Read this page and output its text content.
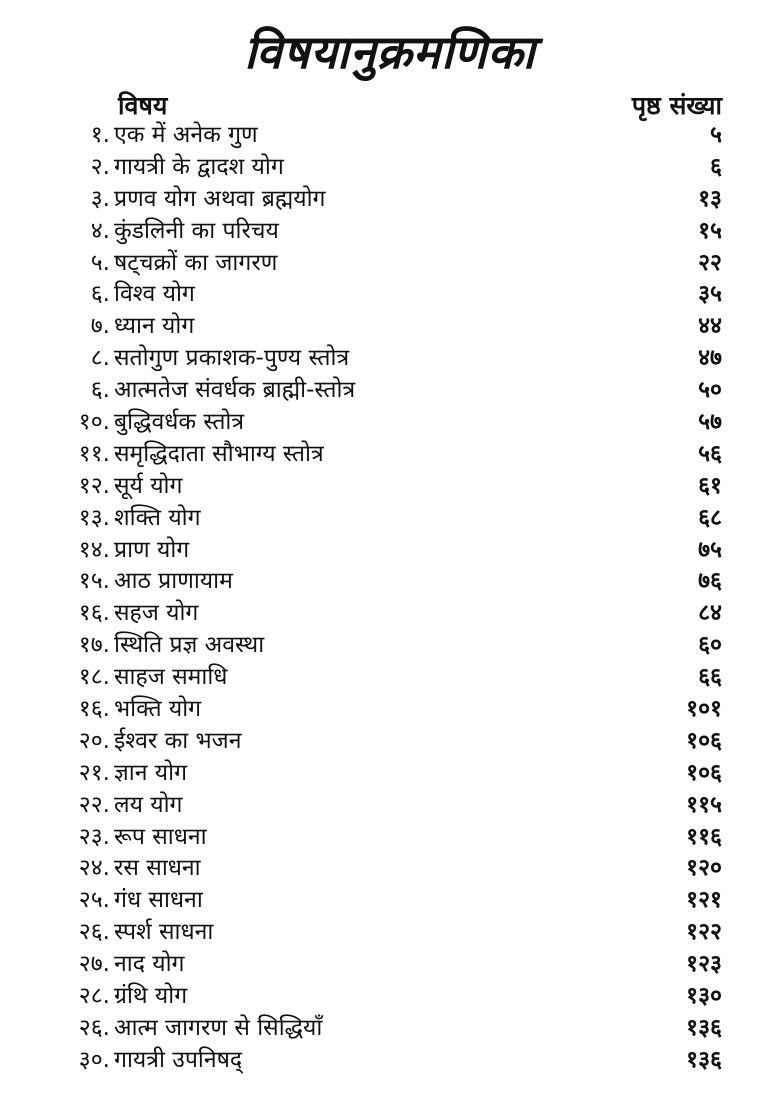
विषयानुक्रमणिका
विषय	पृष्ठ संख्या
१. एक में अनेक गुण	५
२. गायत्री के द्वादश योग	६
३. प्रणव योग अथवा ब्रह्मयोग	१३
४. कुंडलिनी का परिचय	१५
५. षट्चक्रों का जागरण	२२
६. विश्व योग	३५
७. ध्यान योग	४४
८. सतोगुण प्रकाशक-पुण्य स्तोत्र	४७
६. आत्मतेज संवर्धक ब्राह्मी-स्तोत्र	५०
१०. बुद्धिवर्धक स्तोत्र	५७
११. समृद्धिदाता सौभाग्य स्तोत्र	५६
१२. सूर्य योग	६१
१३. शक्ति योग	६८
१४. प्राण योग	७५
१५. आठ प्राणायाम	७६
१६. सहज योग	८४
१७. स्थिति प्रज्ञ अवस्था	६०
१८. साहज समाधि	६६
१६. भक्ति योग	१०१
२०. ईश्वर का भजन	१०६
२१. ज्ञान योग	१०६
२२. लय योग	११५
२३. रूप साधना	११६
२४. रस साधना	१२०
२५. गंध साधना	१२१
२६. स्पर्श साधना	१२२
२७. नाद योग	१२३
२८. ग्रंथि योग	१३०
२६. आत्म जागरण से सिद्धियाँ	१३६
३०. गायत्री उपनिषद्	१३६
